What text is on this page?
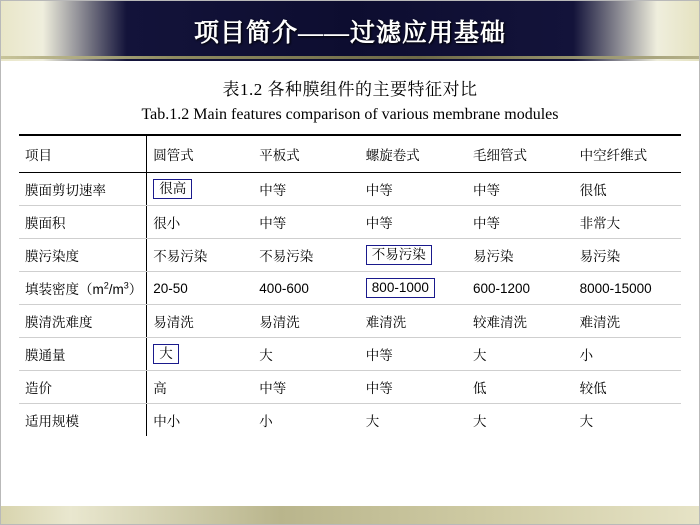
项目简介——过滤应用基础
表1.2 各种膜组件的主要特征对比
Tab.1.2 Main features comparison of various membrane modules
项目	圆管式	平板式	螺旋卷式	毛细管式	中空纤维式
膜面剪切速率	很高	中等	中等	中等	很低
膜面积	很小	中等	中等	中等	非常大
膜污染度	不易污染	不易污染	不易污染	易污染	易污染
填装密度$(m^2/m^3)$	20-50	400-600	800-1000	600-1200	8000-15000
膜清洗难度	易清洗	易清洗	难清洗	较难清洗	难清洗
膜通量	大	大	中等	大	小
造价	高	中等	中等	低	较低
适用规模	中小	小	大	大	大
